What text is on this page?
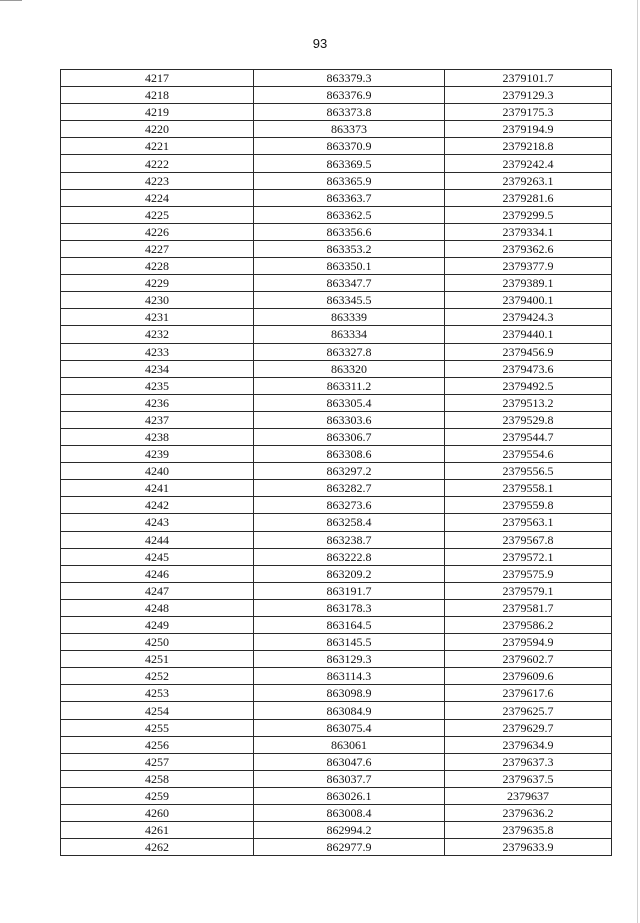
93
4217	863379.3	2379101.7
4218	863376.9	2379129.3
4219	863373.8	2379175.3
4220	863373	2379194.9
4221	863370.9	2379218.8
4222	863369.5	2379242.4
4223	863365.9	2379263.1
4224	863363.7	2379281.6
4225	863362.5	2379299.5
4226	863356.6	2379334.1
4227	863353.2	2379362.6
4228	863350.1	2379377.9
4229	863347.7	2379389.1
4230	863345.5	2379400.1
4231	863339	2379424.3
4232	863334	2379440.1
4233	863327.8	2379456.9
4234	863320	2379473.6
4235	863311.2	2379492.5
4236	863305.4	2379513.2
4237	863303.6	2379529.8
4238	863306.7	2379544.7
4239	863308.6	2379554.6
4240	863297.2	2379556.5
4241	863282.7	2379558.1
4242	863273.6	2379559.8
4243	863258.4	2379563.1
4244	863238.7	2379567.8
4245	863222.8	2379572.1
4246	863209.2	2379575.9
4247	863191.7	2379579.1
4248	863178.3	2379581.7
4249	863164.5	2379586.2
4250	863145.5	2379594.9
4251	863129.3	2379602.7
4252	863114.3	2379609.6
4253	863098.9	2379617.6
4254	863084.9	2379625.7
4255	863075.4	2379629.7
4256	863061	2379634.9
4257	863047.6	2379637.3
4258	863037.7	2379637.5
4259	863026.1	2379637
4260	863008.4	2379636.2
4261	862994.2	2379635.8
4262	862977.9	2379633.9
